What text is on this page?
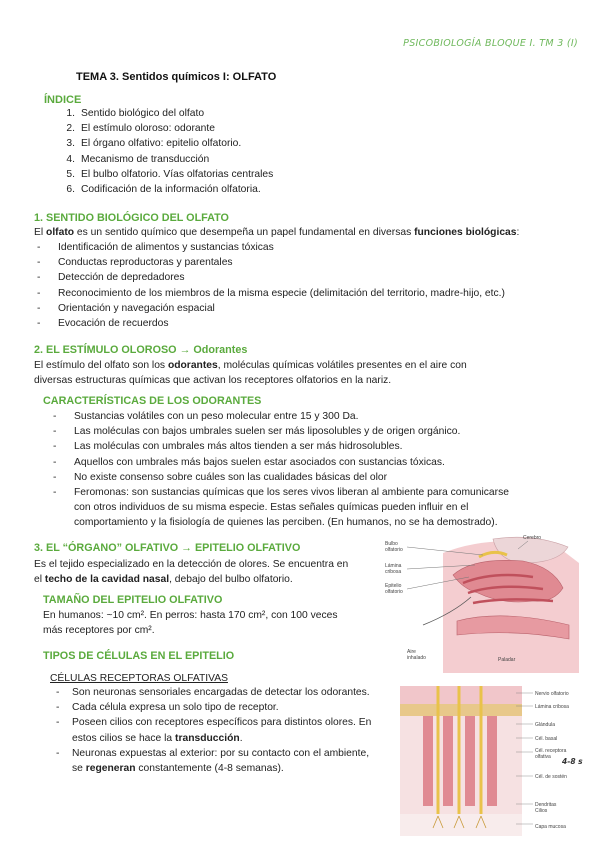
PSICOBIOLOGÍA BLOQUE I. TM 3 (I)
TEMA 3. Sentidos químicos I: OLFATO
ÍNDICE
1. Sentido biológico del olfato
2. El estímulo oloroso: odorante
3. El órgano olfativo: epitelio olfatorio.
4. Mecanismo de transducción
5. El bulbo olfatorio. Vías olfatorias centrales
6. Codificación de la información olfatoria.
1. SENTIDO BIOLÓGICO DEL OLFATO
El olfato es un sentido químico que desempeña un papel fundamental en diversas funciones biológicas:
- Identificación de alimentos y sustancias tóxicas
- Conductas reproductoras y parentales
- Detección de depredadores
- Reconocimiento de los miembros de la misma especie (delimitación del territorio, madre-hijo, etc.)
- Orientación y navegación espacial
- Evocación de recuerdos
2. EL ESTÍMULO OLOROSO → Odorantes
El estímulo del olfato son los odorantes, moléculas químicas volátiles presentes en el aire con
diversas estructuras químicas que activan los receptores olfatorios en la nariz.
CARACTERÍSTICAS DE LOS ODORANTES
- Sustancias volátiles con un peso molecular entre 15 y 300 Da.
- Las moléculas con bajos umbrales suelen ser más liposolubles y de origen orgánico.
- Las moléculas con umbrales más altos tienden a ser más hidrosolubles.
- Aquellos con umbrales más bajos suelen estar asociados con sustancias tóxicas.
- No existe consenso sobre cuáles son las cualidades básicas del olor
- Feromonas: son sustancias químicas que los seres vivos liberan al ambiente para comunicarse
con otros individuos de su misma especie. Estas señales químicas pueden influir en el
comportamiento y la fisiología de quienes las perciben. (En humanos, no se ha demostrado).
3. EL “ÓRGANO” OLFATIVO → EPITELIO OLFATIVO
Es el tejido especializado en la detección de olores. Se encuentra en
el techo de la cavidad nasal, debajo del bulbo olfatorio.
TAMAÑO DEL EPITELIO OLFATIVO
En humanos: ~10 cm². En perros: hasta 170 cm², con 100 veces
más receptores por cm².
TIPOS DE CÉLULAS EN EL EPITELIO
CÉLULAS RECEPTORAS OLFATIVAS
- Son neuronas sensoriales encargadas de detectar los odorantes.
- Cada célula expresa un solo tipo de receptor.
- Poseen cilios con receptores específicos para distintos olores. En
estos cilios se hace la transducción.
- Neuronas expuestas al exterior: por su contacto con el ambiente,
se regeneran constantemente (4-8 semanas).
Bulbo
olfatorio
Cerebro
Lámina
cribosa
Epitelio
olfatorio
Aire
inhalado	Paladar
Nervio olfatorio
Lámina cribosa
Glándula
Cél. basal
Cél. receptora
olfativa
Cél. de sostén
Dendritas
Cilios
Capa mucosa
4-8 s
